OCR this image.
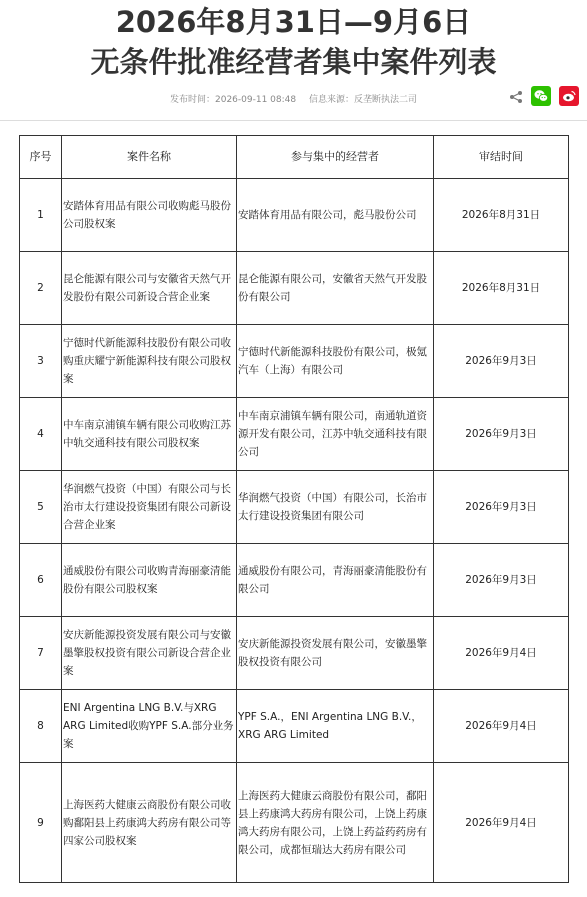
2026年8月31日—9月6日
无条件批准经营者集中案件列表
发布时间：2026-09-11 08:48 信息来源：反垄断执法二司
序号	案件名称	参与集中的经营者	审结时间
1	安踏体育用品有限公司收购彪马股份公司股权案	安踏体育用品有限公司，彪马股份公司	2026年8月31日
2	昆仑能源有限公司与安徽省天然气开发股份有限公司新设合营企业案	昆仑能源有限公司，安徽省天然气开发股份有限公司	2026年8月31日
3	宁德时代新能源科技股份有限公司收购重庆耀宁新能源科技有限公司股权案	宁德时代新能源科技股份有限公司，极氪汽车（上海）有限公司	2026年9月3日
4	中车南京浦镇车辆有限公司收购江苏中轨交通科技有限公司股权案	中车南京浦镇车辆有限公司，南通轨道资源开发有限公司，江苏中轨交通科技有限公司	2026年9月3日
5	华润燃气投资（中国）有限公司与长治市太行建设投资集团有限公司新设合营企业案	华润燃气投资（中国）有限公司，长治市太行建设投资集团有限公司	2026年9月3日
6	通威股份有限公司收购青海丽豪清能股份有限公司股权案	通威股份有限公司，青海丽豪清能股份有限公司	2026年9月3日
7	安庆新能源投资发展有限公司与安徽墨擎股权投资有限公司新设合营企业案	安庆新能源投资发展有限公司，安徽墨擎股权投资有限公司	2026年9月4日
8	ENI Argentina LNG B.V.与XRG ARG Limited收购YPF S.A.部分业务案	YPF S.A.，ENI Argentina LNG B.V.，XRG ARG Limited	2026年9月4日
9	上海医药大健康云商股份有限公司收购鄱阳县上药康鸿大药房有限公司等四家公司股权案	上海医药大健康云商股份有限公司，鄱阳县上药康鸿大药房有限公司，上饶上药康鸿大药房有限公司，上饶上药益药药房有限公司，成都恒瑞达大药房有限公司	2026年9月4日
